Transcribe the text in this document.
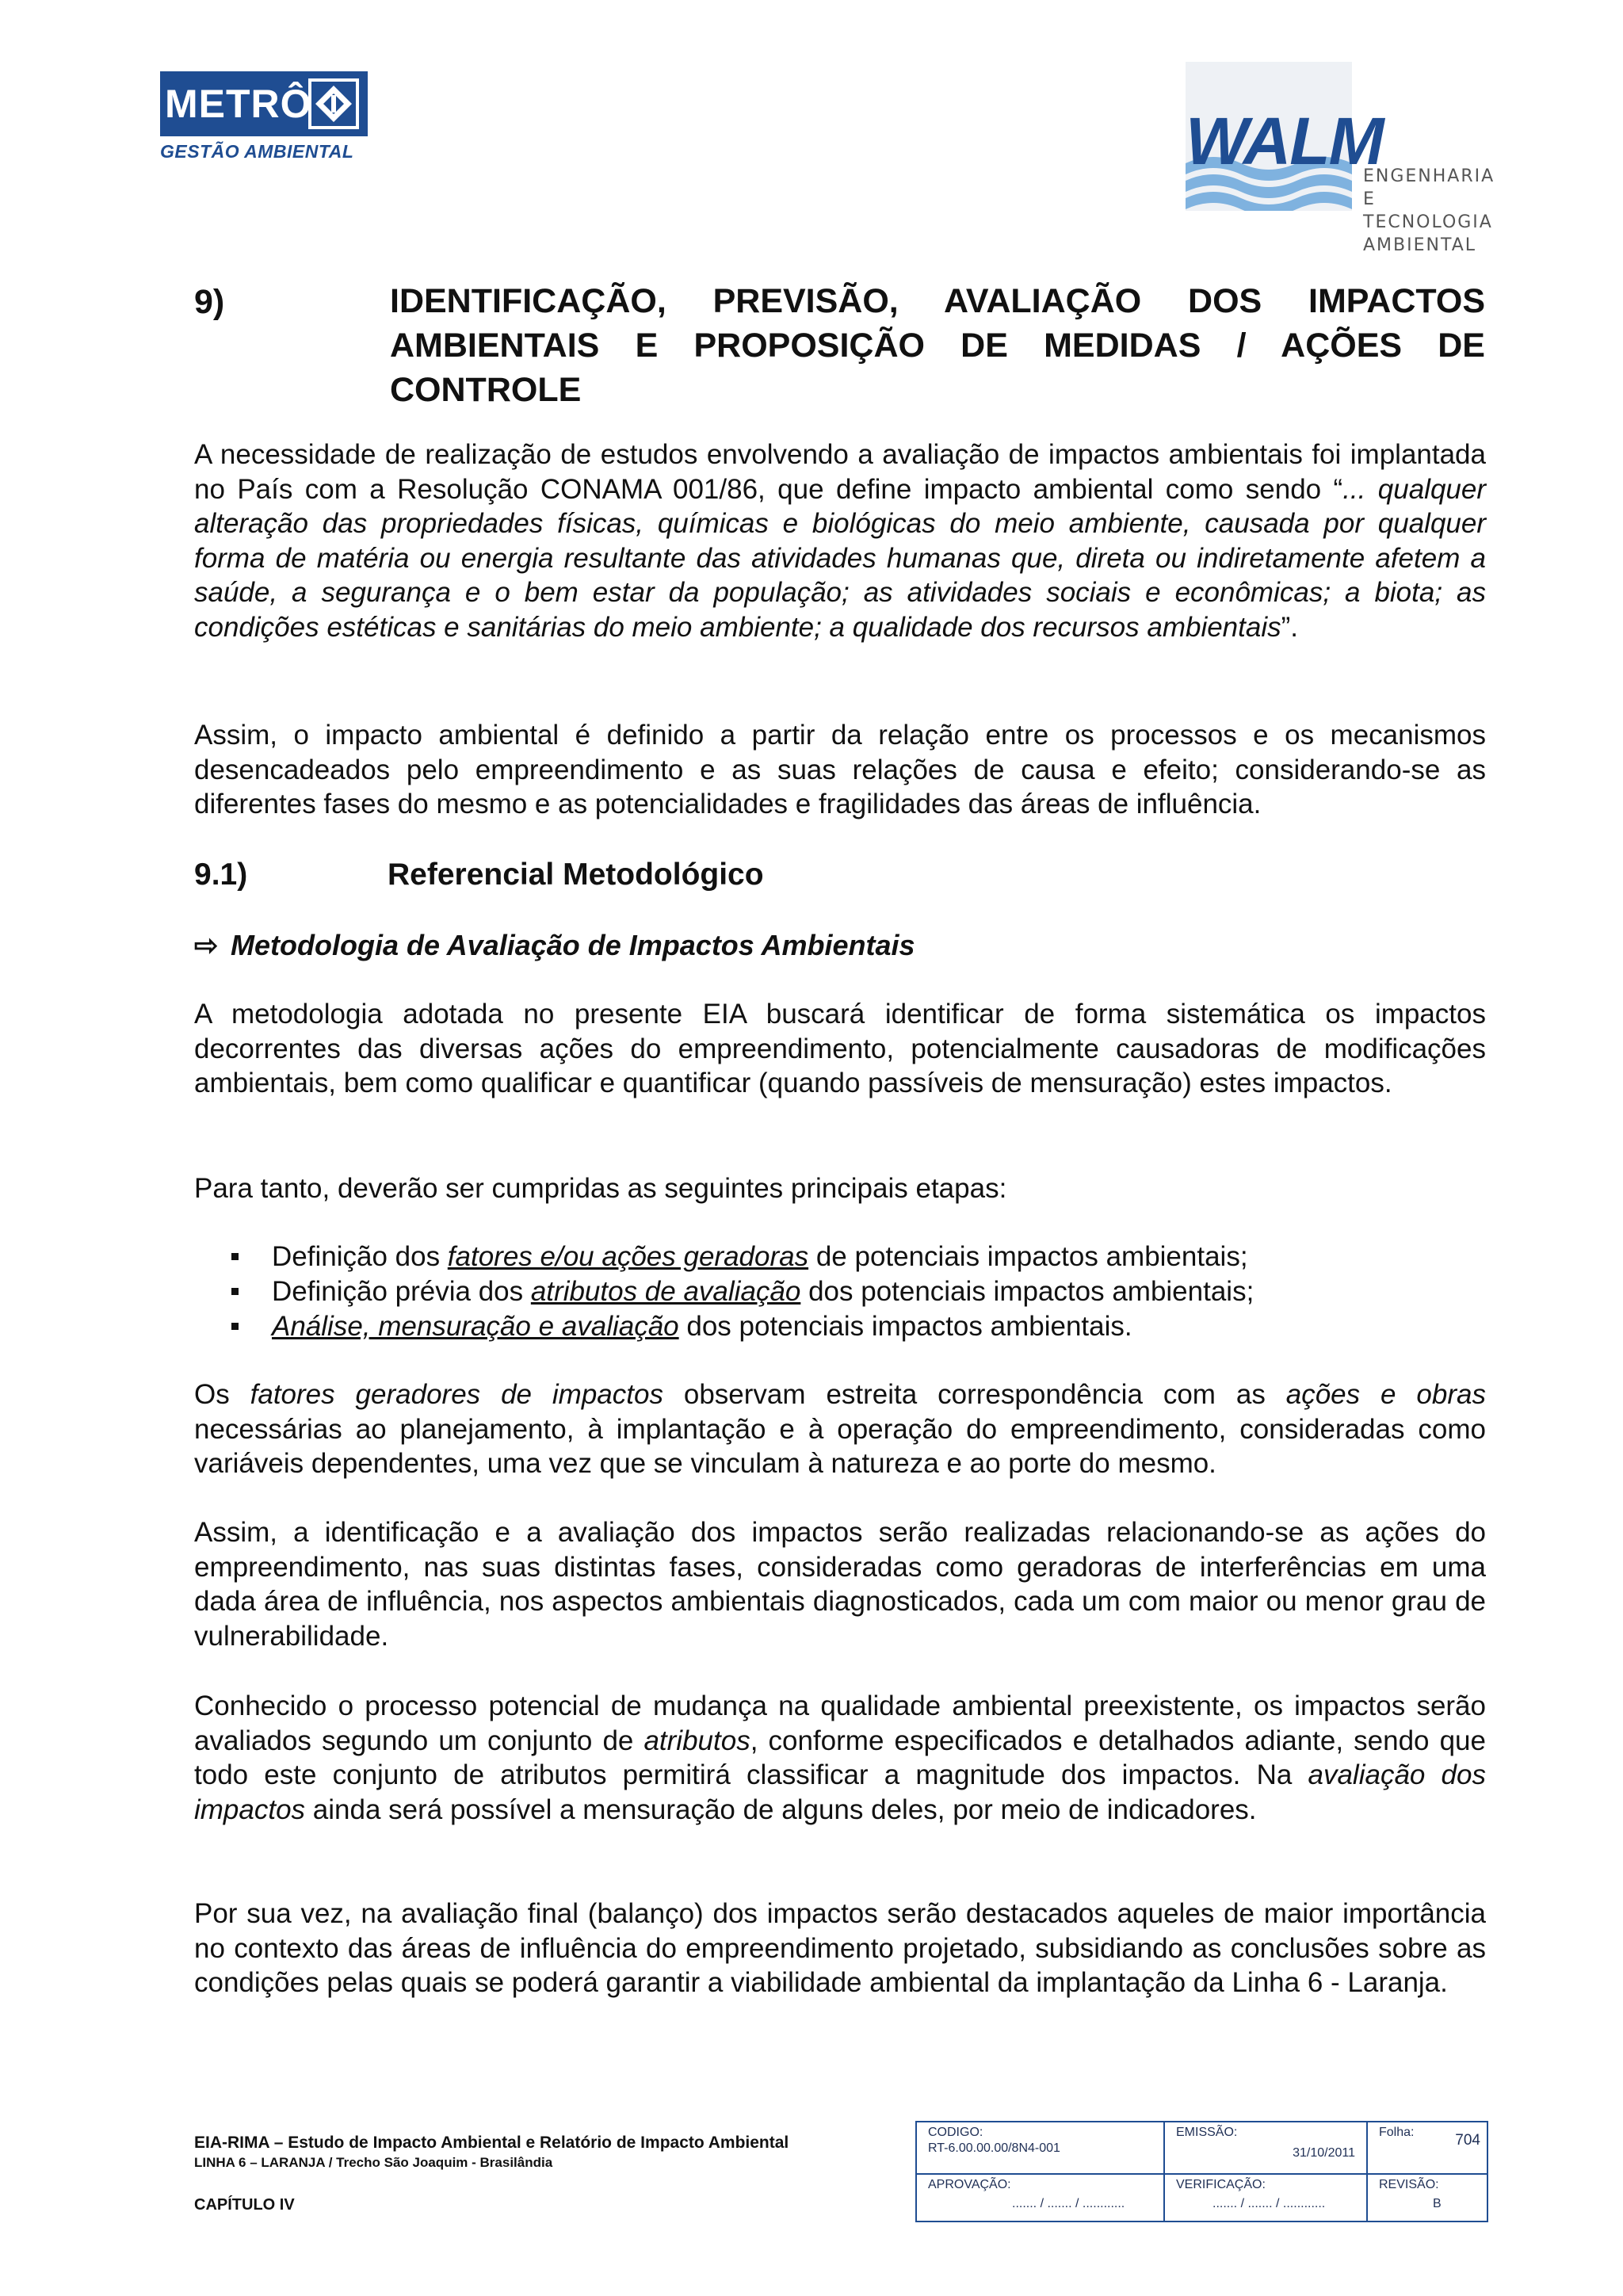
METRÔ
GESTÃO AMBIENTAL	WALM
ENGENHARIA
E TECNOLOGIA
AMBIENTAL
9)	IDENTIFICAÇÃO, PREVISÃO, AVALIAÇÃO DOS IMPACTOS AMBIENTAIS E PROPOSIÇÃO DE MEDIDAS / AÇÕES DE CONTROLE
A necessidade de realização de estudos envolvendo a avaliação de impactos ambientais foi implantada no País com a Resolução CONAMA 001/86, que define impacto ambiental como sendo “... qualquer alteração das propriedades físicas, químicas e biológicas do meio ambiente, causada por qualquer forma de matéria ou energia resultante das atividades humanas que, direta ou indiretamente afetem a saúde, a segurança e o bem estar da população; as atividades sociais e econômicas; a biota; as condições estéticas e sanitárias do meio ambiente; a qualidade dos recursos ambientais”.
Assim, o impacto ambiental é definido a partir da relação entre os processos e os mecanismos desencadeados pelo empreendimento e as suas relações de causa e efeito; considerando-se as diferentes fases do mesmo e as potencialidades e fragilidades das áreas de influência.
9.1)	Referencial Metodológico
⇨ Metodologia de Avaliação de Impactos Ambientais
A metodologia adotada no presente EIA buscará identificar de forma sistemática os impactos decorrentes das diversas ações do empreendimento, potencialmente causadoras de modificações ambientais, bem como qualificar e quantificar (quando passíveis de mensuração) estes impactos.
Para tanto, deverão ser cumpridas as seguintes principais etapas:
Definição dos fatores e/ou ações geradoras de potenciais impactos ambientais;
Definição prévia dos atributos de avaliação dos potenciais impactos ambientais;
Análise, mensuração e avaliação dos potenciais impactos ambientais.
Os fatores geradores de impactos observam estreita correspondência com as ações e obras necessárias ao planejamento, à implantação e à operação do empreendimento, consideradas como variáveis dependentes, uma vez que se vinculam à natureza e ao porte do mesmo.
Assim, a identificação e a avaliação dos impactos serão realizadas relacionando-se as ações do empreendimento, nas suas distintas fases, consideradas como geradoras de interferências em uma dada área de influência, nos aspectos ambientais diagnosticados, cada um com maior ou menor grau de vulnerabilidade.
Conhecido o processo potencial de mudança na qualidade ambiental preexistente, os impactos serão avaliados segundo um conjunto de atributos, conforme especificados e detalhados adiante, sendo que todo este conjunto de atributos permitirá classificar a magnitude dos impactos. Na avaliação dos impactos ainda será possível a mensuração de alguns deles, por meio de indicadores.
Por sua vez, na avaliação final (balanço) dos impactos serão destacados aqueles de maior importância no contexto das áreas de influência do empreendimento projetado, subsidiando as conclusões sobre as condições pelas quais se poderá garantir a viabilidade ambiental da implantação da Linha 6 - Laranja.
EIA-RIMA – Estudo de Impacto Ambiental e Relatório de Impacto Ambiental
LINHA 6 – LARANJA / Trecho São Joaquim - Brasilândia
CAPÍTULO IV
CODIGO:
RT-6.00.00.00/8N4-001
EMISSÃO:
31/10/2011
Folha:	704
APROVAÇÃO:
....... / ....... / ............
VERIFICAÇÃO:
....... / ....... / ............
REVISÃO:
B
